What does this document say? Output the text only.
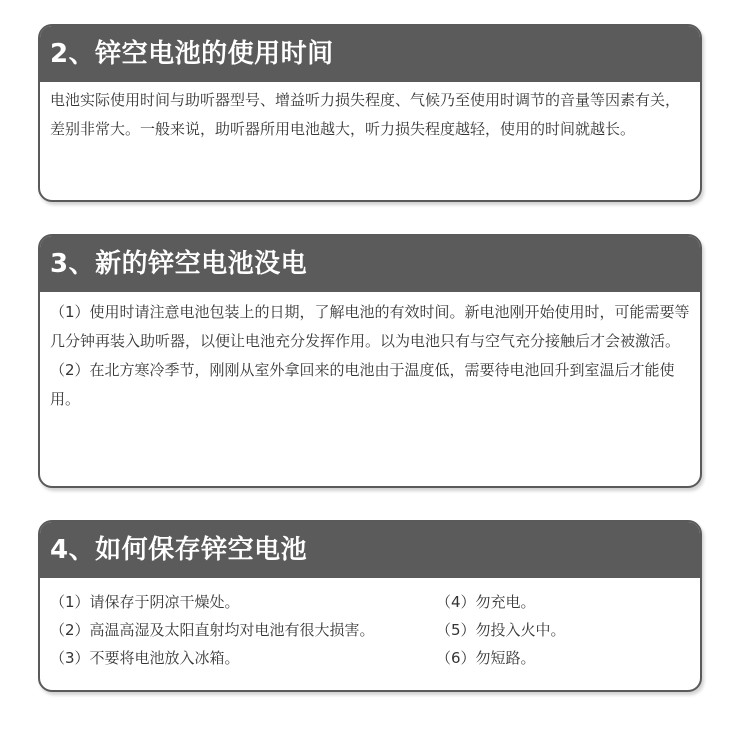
2、锌空电池的使用时间

电池实际使用时间与助听器型号、增益听力损失程度、气候乃至使用时调节的音量等因素有关，差别非常大。一般来说，助听器所用电池越大，听力损失程度越轻，使用的时间就越长。

3、新的锌空电池没电

（1）使用时请注意电池包装上的日期，了解电池的有效时间。新电池刚开始使用时，可能需要等几分钟再装入助听器，以便让电池充分发挥作用。以为电池只有与空气充分接触后才会被激活。

（2）在北方寒冷季节，刚刚从室外拿回来的电池由于温度低，需要待电池回升到室温后才能使用。

4、如何保存锌空电池
（1）请保存于阴凉干燥处。	（4）勿充电。
（2）高温高湿及太阳直射均对电池有很大损害。	（5）勿投入火中。
（3）不要将电池放入冰箱。	（6）勿短路。
